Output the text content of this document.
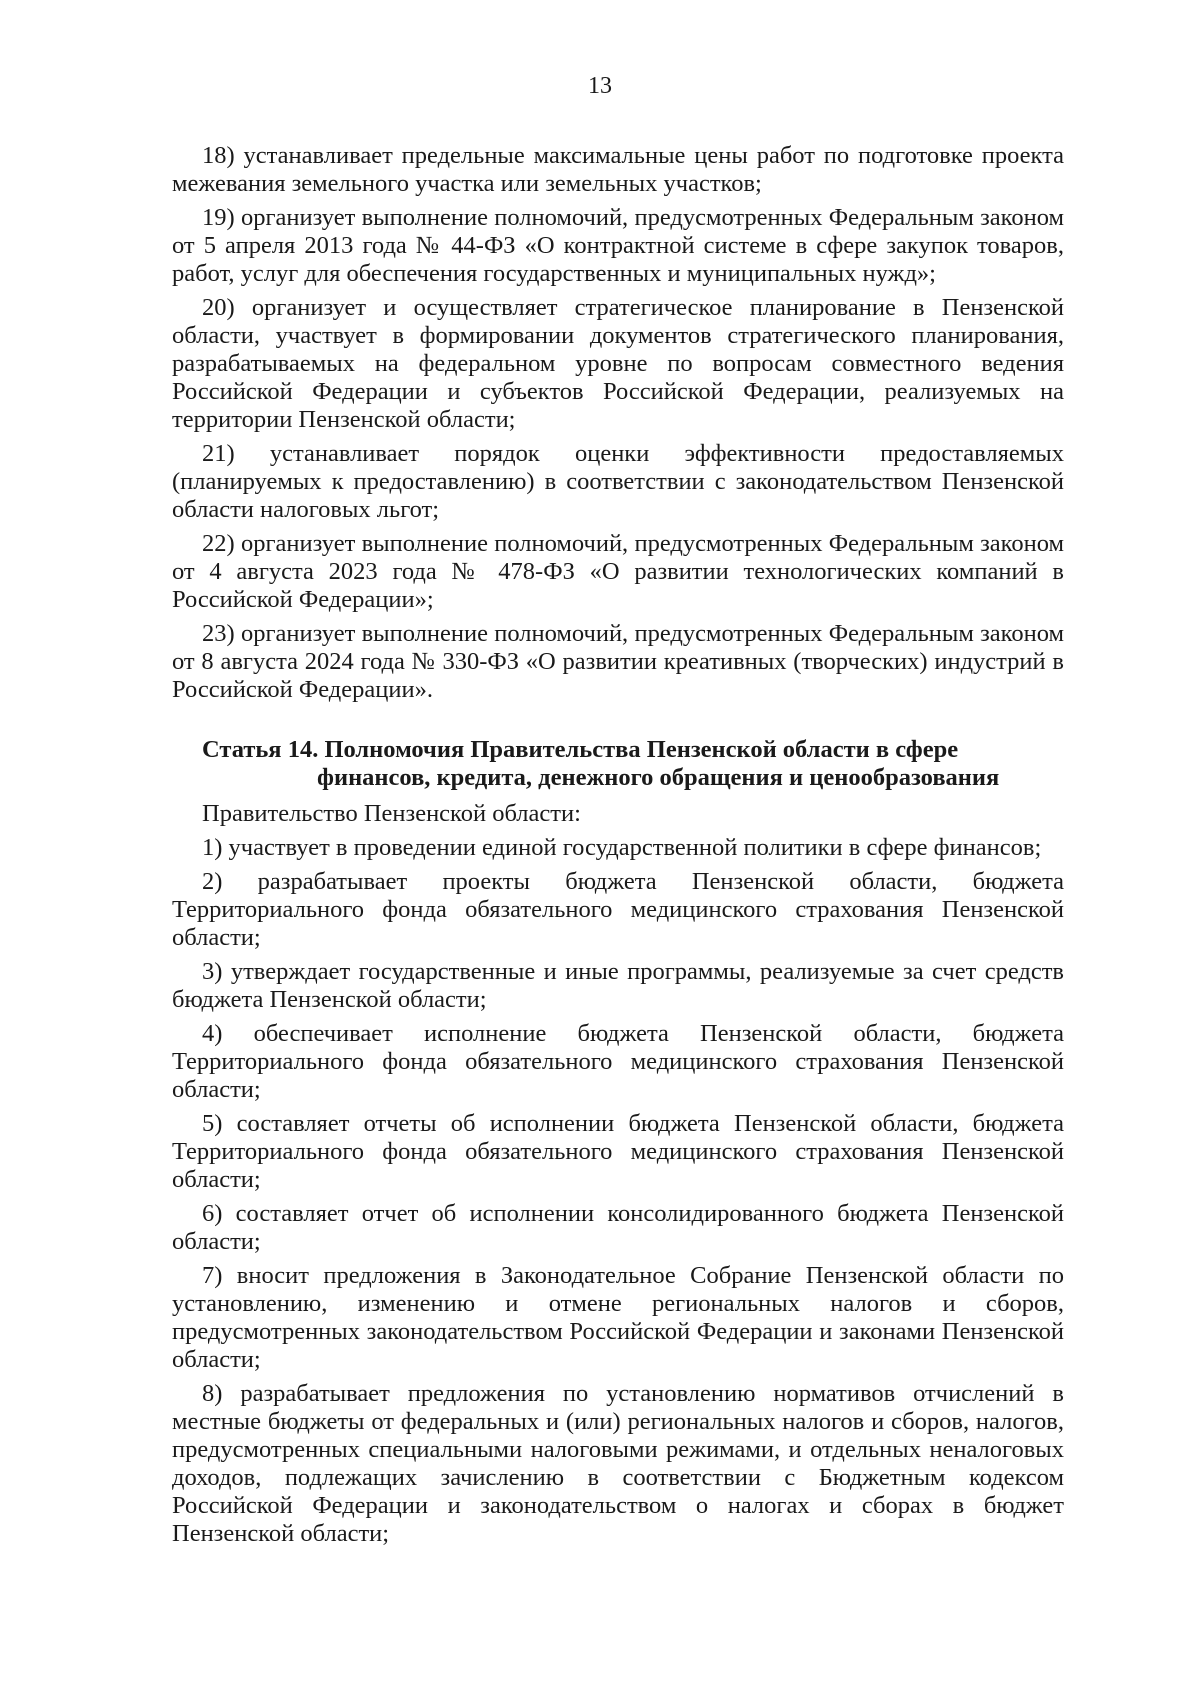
13

18) устанавливает предельные максимальные цены работ по подготовке проекта межевания земельного участка или земельных участков;

19) организует выполнение полномочий, предусмотренных Федеральным законом от 5 апреля 2013 года № 44-ФЗ «О контрактной системе в сфере закупок товаров, работ, услуг для обеспечения государственных и муниципальных нужд»;

20) организует и осуществляет стратегическое планирование в Пензенской области, участвует в формировании документов стратегического планирования, разрабатываемых на федеральном уровне по вопросам совместного ведения Российской Федерации и субъектов Российской Федерации, реализуемых на территории Пензенской области;

21) устанавливает порядок оценки эффективности предоставляемых (планируемых к предоставлению) в соответствии с законодательством Пензенской области налоговых льгот;

22) организует выполнение полномочий, предусмотренных Федеральным законом от 4 августа 2023 года № 478-ФЗ «О развитии технологических компаний в Российской Федерации»;

23) организует выполнение полномочий, предусмотренных Федеральным законом от 8 августа 2024 года № 330-ФЗ «О развитии креативных (творческих) индустрий в Российской Федерации».

Статья 14. Полномочия Правительства Пензенской области в сфере
финансов, кредита, денежного обращения и ценообразования

Правительство Пензенской области:

1) участвует в проведении единой государственной политики в сфере финансов;

2) разрабатывает проекты бюджета Пензенской области, бюджета Территориального фонда обязательного медицинского страхования Пензенской области;

3) утверждает государственные и иные программы, реализуемые за счет средств бюджета Пензенской области;

4) обеспечивает исполнение бюджета Пензенской области, бюджета Территориального фонда обязательного медицинского страхования Пензенской области;

5) составляет отчеты об исполнении бюджета Пензенской области, бюджета Территориального фонда обязательного медицинского страхования Пензенской области;

6) составляет отчет об исполнении консолидированного бюджета Пензенской области;

7) вносит предложения в Законодательное Собрание Пензенской области по установлению, изменению и отмене региональных налогов и сборов, предусмотренных законодательством Российской Федерации и законами Пензенской области;

8) разрабатывает предложения по установлению нормативов отчислений в местные бюджеты от федеральных и (или) региональных налогов и сборов, налогов, предусмотренных специальными налоговыми режимами, и отдельных неналоговых доходов, подлежащих зачислению в соответствии с Бюджетным кодексом Российской Федерации и законодательством о налогах и сборах в бюджет Пензенской области;
